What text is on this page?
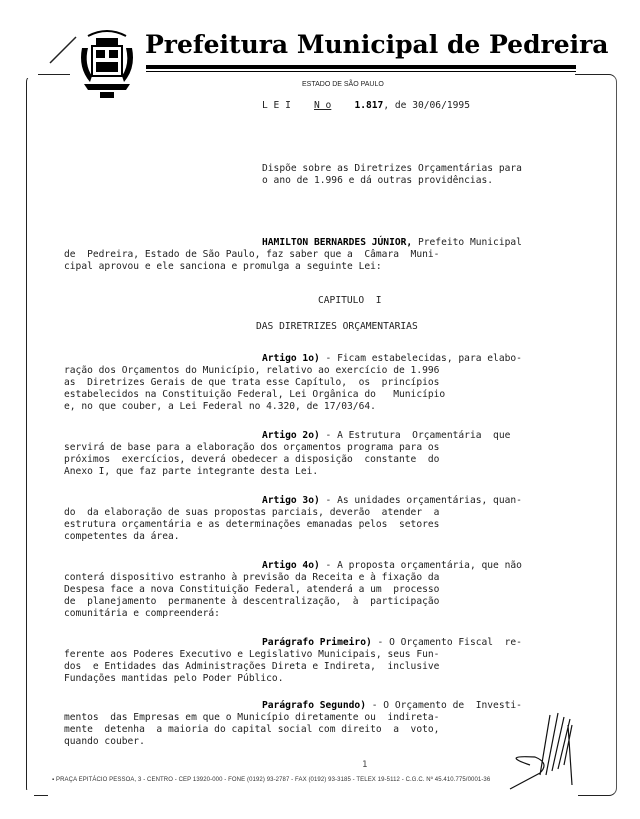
Prefeitura Municipal de Pedreira
ESTADO DE SÃO PAULO
L E I N o 1.817, de 30/06/1995
Dispõe sobre as Diretrizes Orçamentárias para
o ano de 1.996 e dá outras providências.
HAMILTON BERNARDES JÚNIOR, Prefeito Municipal
de  Pedreira, Estado de São Paulo, faz saber que a  Câmara  Muni-
cipal aprovou e ele sanciona e promulga a seguinte Lei:
CAPITULO  I
DAS DIRETRIZES ORÇAMENTARIAS
Artigo 1o) - Ficam estabelecidas, para elabo-
ração dos Orçamentos do Município, relativo ao exercício de 1.996
as  Diretrizes Gerais de que trata esse Capítulo,  os  princípios
estabelecidos na Constituição Federal, Lei Orgânica do   Município
e, no que couber, a Lei Federal no 4.320, de 17/03/64.
Artigo 2o) - A Estrutura  Orçamentária  que
servirá de base para a elaboração dos orçamentos programa para os
próximos  exercícios, deverá obedecer a disposição  constante  do
Anexo I, que faz parte integrante desta Lei.
Artigo 3o) - As unidades orçamentárias, quan-
do  da elaboração de suas propostas parciais, deverão  atender  a
estrutura orçamentária e as determinações emanadas pelos  setores
competentes da área.
Artigo 4o) - A proposta orçamentária, que não
conterá dispositivo estranho à previsão da Receita e à fixação da
Despesa face a nova Constituição Federal, atenderá a um  processo
de  planejamento  permanente à descentralização,  à  participação
comunitária e compreenderá:
Parágrafo Primeiro) - O Orçamento Fiscal  re-
ferente aos Poderes Executivo e Legislativo Municipais, seus Fun-
dos  e Entidades das Administrações Direta e Indireta,  inclusive
Fundações mantidas pelo Poder Público.
Parágrafo Segundo) - O Orçamento de  Investi-
mentos  das Empresas em que o Município diretamente ou  indireta-
mente  detenha  a maioria do capital social com direito  a  voto,
quando couber.
1
▪ PRAÇA EPITÁCIO PESSOA, 3 - CENTRO - CEP 13920-000 - FONE (0192) 93-2787 - FAX (0192) 93-3185 - TELEX 19-5112 - C.G.C. Nº 45.410.775/0001-36
